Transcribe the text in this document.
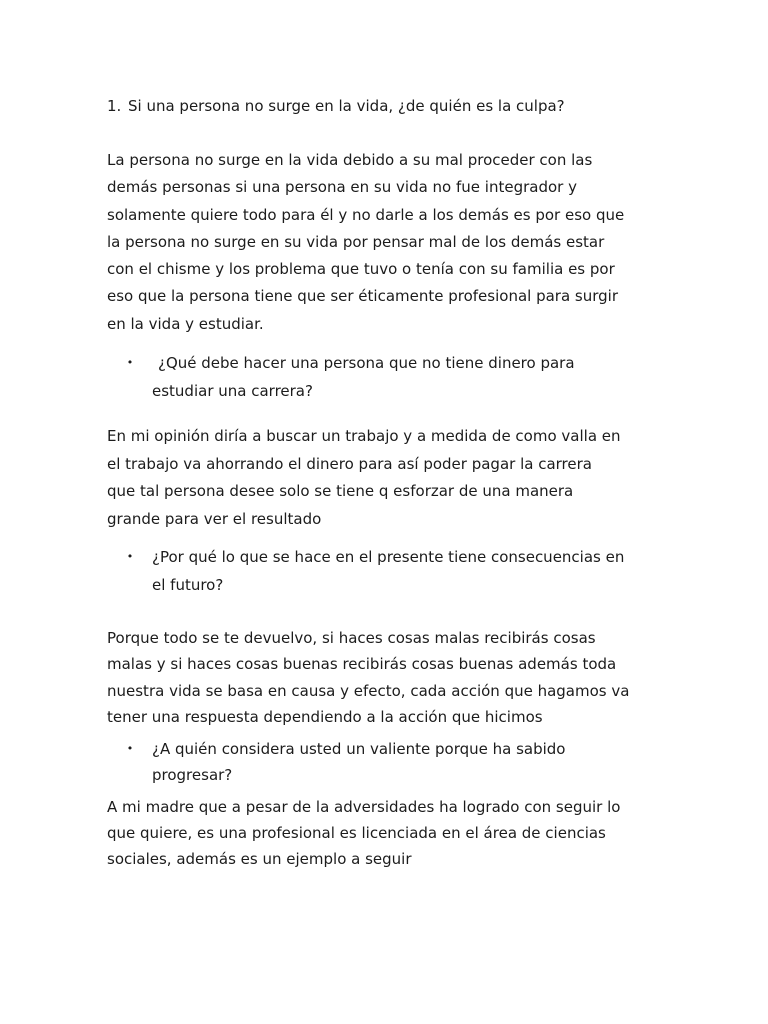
1. Si una persona no surge en la vida, ¿de quién es la culpa?
La persona no surge en la vida debido a su mal proceder con las
demás personas si una persona en su vida no fue integrador y
solamente quiere todo para él y no darle a los demás es por eso que
la persona no surge en su vida por pensar mal de los demás estar
con el chisme y los problema que tuvo o tenía con su familia es por
eso que la persona tiene que ser éticamente profesional para surgir
en la vida y estudiar.
•	¿Qué debe hacer una persona que no tiene dinero para
estudiar una carrera?
En mi opinión diría a buscar un trabajo y a medida de como valla en
el trabajo va ahorrando el dinero para así poder pagar la carrera
que tal persona desee solo se tiene q esforzar de una manera
grande para ver el resultado
•	¿Por qué lo que se hace en el presente tiene consecuencias en
el futuro?
Porque todo se te devuelvo, si haces cosas malas recibirás cosas
malas y si haces cosas buenas recibirás cosas buenas además toda
nuestra vida se basa en causa y efecto, cada acción que hagamos va
tener una respuesta dependiendo a la acción que hicimos
•	¿A quién considera usted un valiente porque ha sabido
progresar?
A mi madre que a pesar de la adversidades ha logrado con seguir lo
que quiere, es una profesional es licenciada en el área de ciencias
sociales, además es un ejemplo a seguir
